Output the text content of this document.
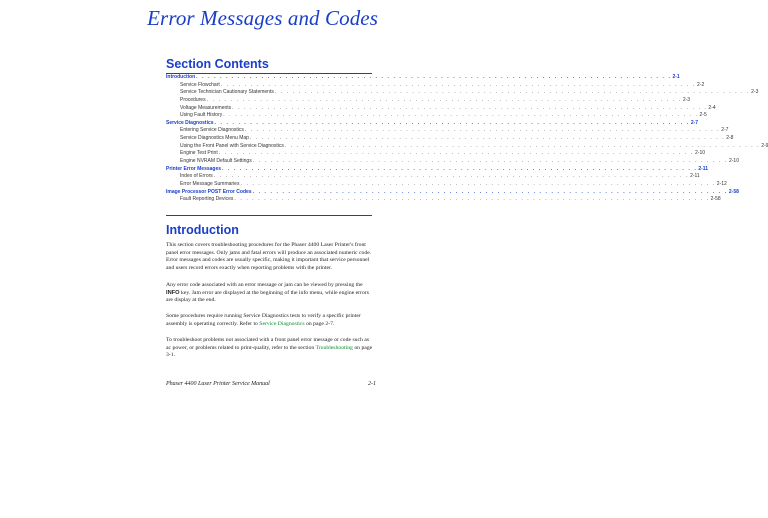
Error Messages and Codes
Section Contents
Introduction . . . . . . . . . . . . . . . . . . . . . . . . . . . . . . . . . . . . . . . . . . . . . . . . . . . . . . . . . . . . . . . . . . . . . . . . . . . . . . . . 2-1
Service Flowchart . . . . . . . . . . . . . . . . . . . . . . . . . . . . . . . . . . . . . . . . . . . . . . . . . . . . . . . . . . . . . . . . . . . . . . . . . . . . . . . . 2-2
Service Technician Cautionary Statements . . . . . . . . . . . . . . . . . . . . . . . . . . . . . . . . . . . . . . . . . . . . . . . . . . . . . . . . . . . . . . . . . . . . . . . . . . . . . . . . 2-3
Procedures . . . . . . . . . . . . . . . . . . . . . . . . . . . . . . . . . . . . . . . . . . . . . . . . . . . . . . . . . . . . . . . . . . . . . . . . . . . . . . . . 2-3
Voltage Measurements . . . . . . . . . . . . . . . . . . . . . . . . . . . . . . . . . . . . . . . . . . . . . . . . . . . . . . . . . . . . . . . . . . . . . . . . . . . . . . . . 2-4
Using Fault History . . . . . . . . . . . . . . . . . . . . . . . . . . . . . . . . . . . . . . . . . . . . . . . . . . . . . . . . . . . . . . . . . . . . . . . . . . . . . . . . 2-5
Service Diagnostics . . . . . . . . . . . . . . . . . . . . . . . . . . . . . . . . . . . . . . . . . . . . . . . . . . . . . . . . . . . . . . . . . . . . . . . . . . . . . . . . 2-7
Entering Service Diagnostics . . . . . . . . . . . . . . . . . . . . . . . . . . . . . . . . . . . . . . . . . . . . . . . . . . . . . . . . . . . . . . . . . . . . . . . . . . . . . . . . 2-7
Service Diagnostics Menu Map . . . . . . . . . . . . . . . . . . . . . . . . . . . . . . . . . . . . . . . . . . . . . . . . . . . . . . . . . . . . . . . . . . . . . . . . . . . . . . . . 2-8
Using the Front Panel with Service Diagnostics . . . . . . . . . . . . . . . . . . . . . . . . . . . . . . . . . . . . . . . . . . . . . . . . . . . . . . . . . . . . . . . . . . . . . . . . . . . . . . . . 2-9
Engine Test Print . . . . . . . . . . . . . . . . . . . . . . . . . . . . . . . . . . . . . . . . . . . . . . . . . . . . . . . . . . . . . . . . . . . . . . . . . . . . . . . . 2-10
Engine NVRAM Default Settings . . . . . . . . . . . . . . . . . . . . . . . . . . . . . . . . . . . . . . . . . . . . . . . . . . . . . . . . . . . . . . . . . . . . . . . . . . . . . . . . 2-10
Printer Error Messages . . . . . . . . . . . . . . . . . . . . . . . . . . . . . . . . . . . . . . . . . . . . . . . . . . . . . . . . . . . . . . . . . . . . . . . . . . . . . . . . 2-11
Index of Errors . . . . . . . . . . . . . . . . . . . . . . . . . . . . . . . . . . . . . . . . . . . . . . . . . . . . . . . . . . . . . . . . . . . . . . . . . . . . . . . . 2-11
Error Message Summaries . . . . . . . . . . . . . . . . . . . . . . . . . . . . . . . . . . . . . . . . . . . . . . . . . . . . . . . . . . . . . . . . . . . . . . . . . . . . . . . . 2-12
Image Processor POST Error Codes . . . . . . . . . . . . . . . . . . . . . . . . . . . . . . . . . . . . . . . . . . . . . . . . . . . . . . . . . . . . . . . . . . . . . . . . . . . . . . . . 2-58
Fault Reporting Devices . . . . . . . . . . . . . . . . . . . . . . . . . . . . . . . . . . . . . . . . . . . . . . . . . . . . . . . . . . . . . . . . . . . . . . . . . . . . . . . . 2-58
Introduction

This section covers troubleshooting procedures for the Phaser 4400 Laser Printer's front panel error messages. Only jams and fatal errors will produce an associated numeric code. Error messages and codes are usually specific, making it important that service personnel and users record errors exactly when reporting problems with the printer.

Any error code associated with an error message or jam can be viewed by pressing the INFO key. Jam error are displayed at the beginning of the info menu, while engine errors are display at the end.

Some procedures require running Service Diagnostics tests to verify a specific printer assembly is operating correctly. Refer to Service Diagnostics on page 2-7.

To troubleshoot problems not associated with a front panel error message or code such as ac power, or problems related to print-quality, refer to the section Troubleshooting on page 3-1.

Phaser 4400 Laser Printer Service Manual	2-1
